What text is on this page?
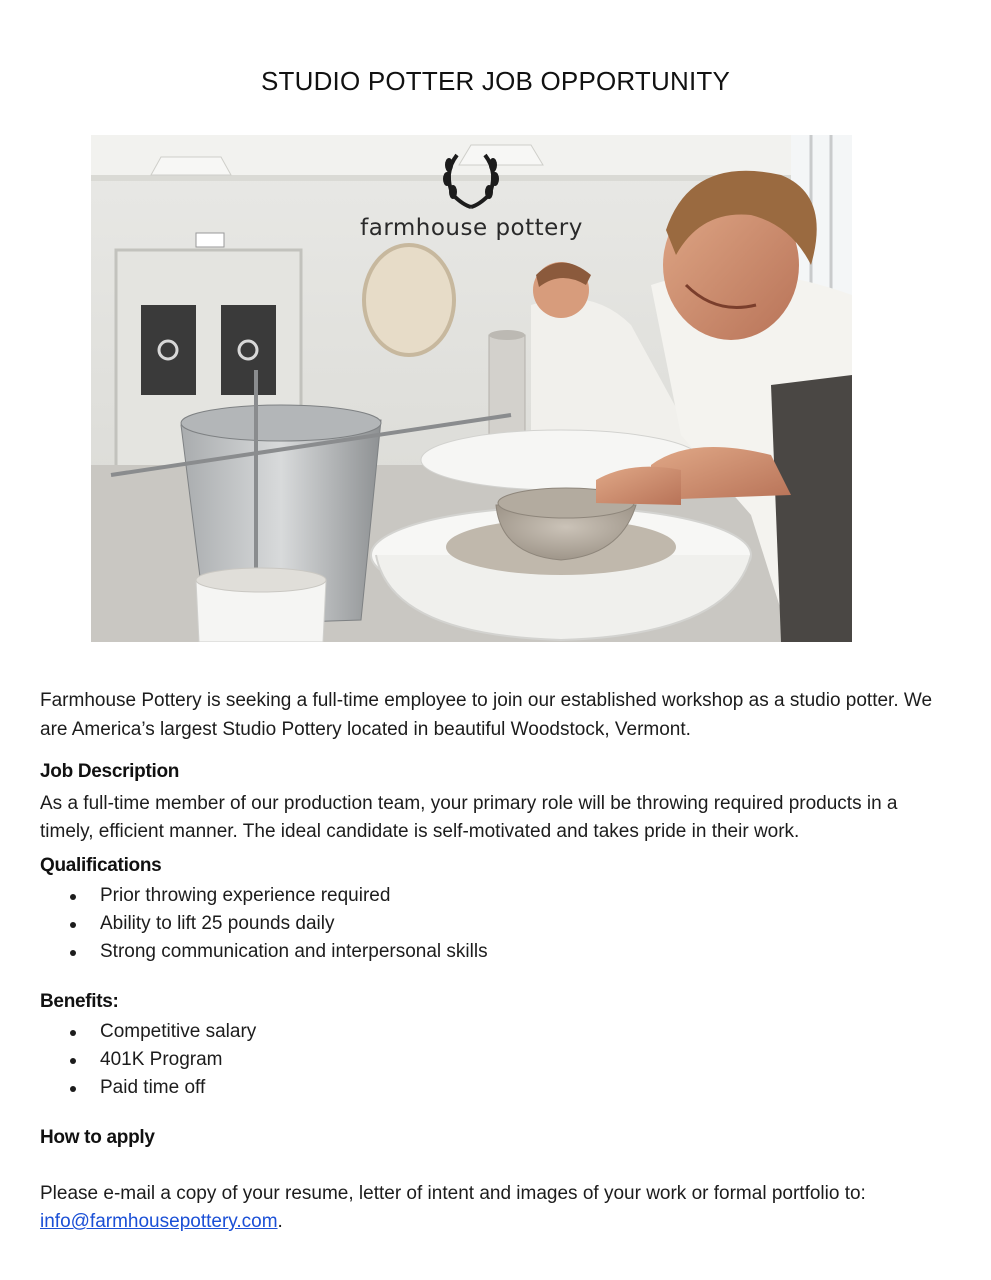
STUDIO POTTER JOB OPPORTUNITY
farmhouse pottery
Farmhouse Pottery is seeking a full-time employee to join our established workshop as a studio potter. We are America’s largest Studio Pottery located in beautiful Woodstock, Vermont.
Job Description
As a full-time member of our production team, your primary role will be throwing required products in a timely, efficient manner. The ideal candidate is self-motivated and takes pride in their work.
Qualifications
Prior throwing experience required
Ability to lift 25 pounds daily
Strong communication and interpersonal skills
Benefits:
Competitive salary
401K Program
Paid time off
How to apply
Please e-mail a copy of your resume, letter of intent and images of your work or formal portfolio to: info@farmhousepottery.com.
